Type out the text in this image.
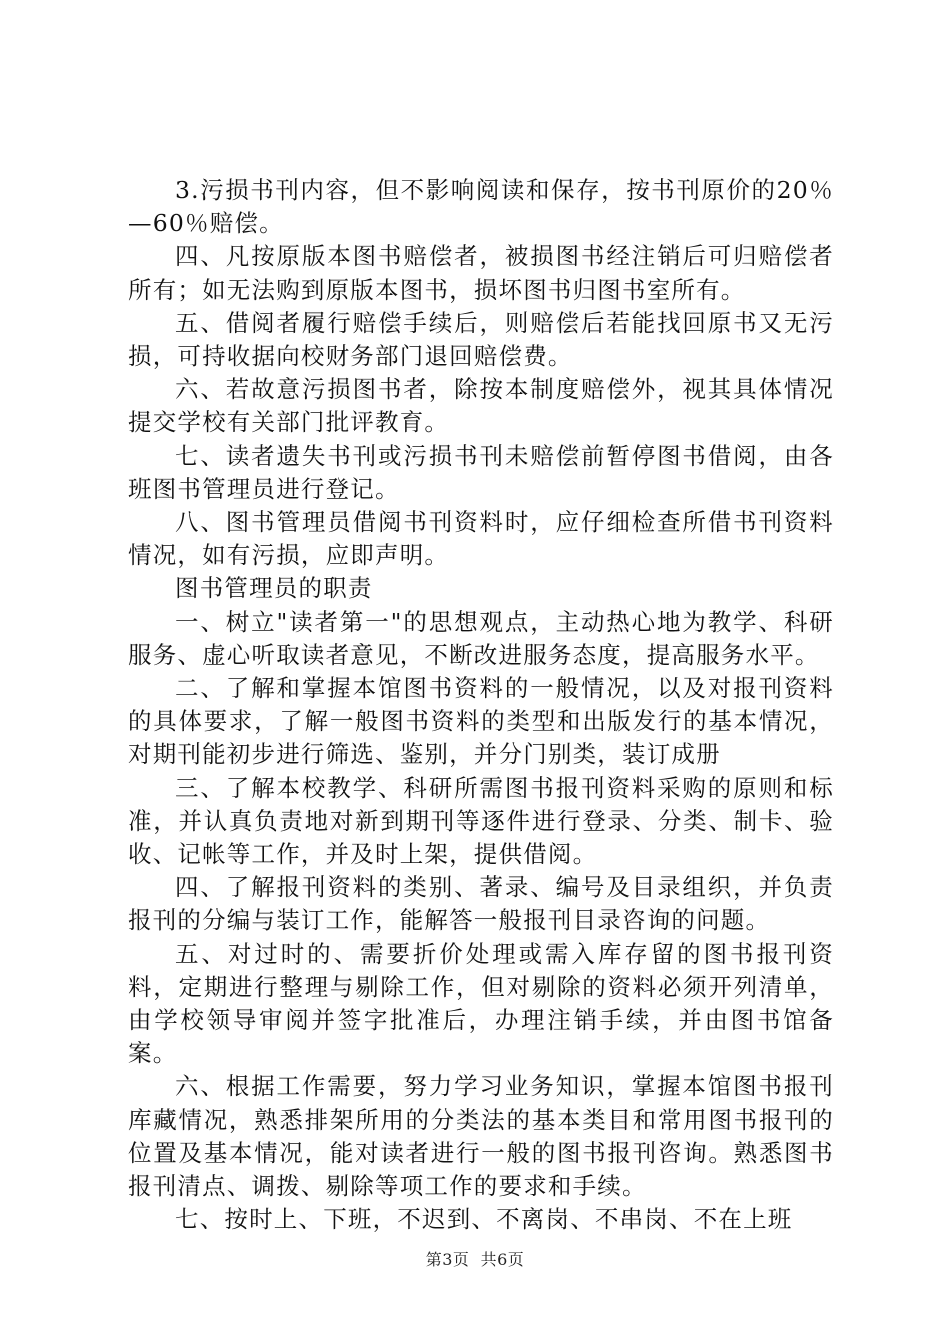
3.污损书刊内容，但不影响阅读和保存，按书刊原价的20％—60％赔偿。

四、凡按原版本图书赔偿者，被损图书经注销后可归赔偿者所有；如无法购到原版本图书，损坏图书归图书室所有。

五、借阅者履行赔偿手续后，则赔偿后若能找回原书又无污损，可持收据向校财务部门退回赔偿费。

六、若故意污损图书者，除按本制度赔偿外，视其具体情况提交学校有关部门批评教育。

七、读者遗失书刊或污损书刊未赔偿前暂停图书借阅，由各班图书管理员进行登记。

八、图书管理员借阅书刊资料时，应仔细检查所借书刊资料情况，如有污损，应即声明。

图书管理员的职责

一、树立"读者第一"的思想观点，主动热心地为教学、科研服务、虚心听取读者意见，不断改进服务态度，提高服务水平。

二、了解和掌握本馆图书资料的一般情况，以及对报刊资料的具体要求，了解一般图书资料的类型和出版发行的基本情况，对期刊能初步进行筛选、鉴别，并分门别类，装订成册

三、了解本校教学、科研所需图书报刊资料采购的原则和标准，并认真负责地对新到期刊等逐件进行登录、分类、制卡、验收、记帐等工作，并及时上架，提供借阅。

四、了解报刊资料的类别、著录、编号及目录组织，并负责报刊的分编与装订工作，能解答一般报刊目录咨询的问题。

五、对过时的、需要折价处理或需入库存留的图书报刊资料，定期进行整理与剔除工作，但对剔除的资料必须开列清单，由学校领导审阅并签字批准后，办理注销手续，并由图书馆备案。

六、根据工作需要，努力学习业务知识，掌握本馆图书报刊库藏情况，熟悉排架所用的分类法的基本类目和常用图书报刊的位置及基本情况，能对读者进行一般的图书报刊咨询。熟悉图书报刊清点、调拨、剔除等项工作的要求和手续。

七、按时上、下班，不迟到、不离岗、不串岗、不在上班

第3页  共6页
